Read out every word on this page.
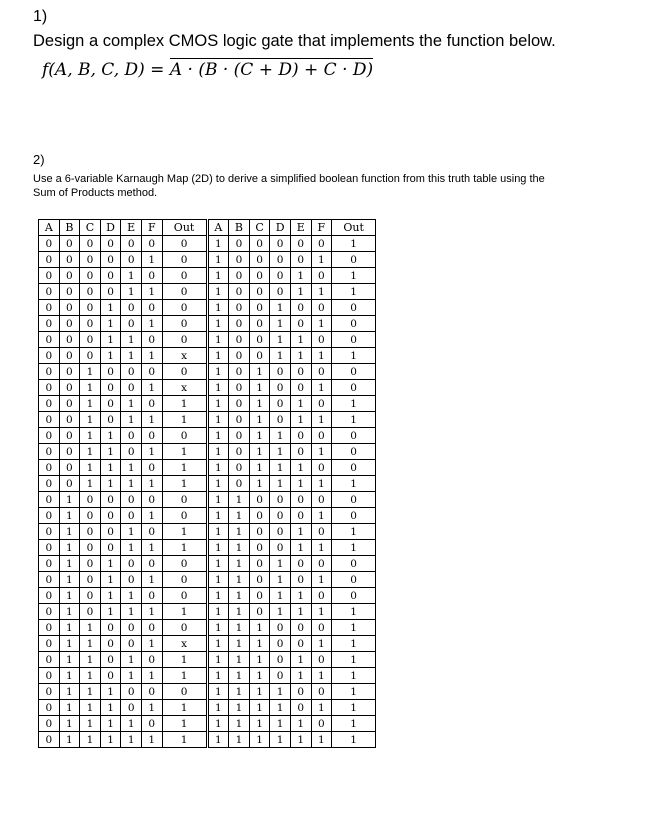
1)
Design a complex CMOS logic gate that implements the function below.
f(A, B, C, D) = A · (B · (C + D) + C · D)
2)
Use a 6-variable Karnaugh Map (2D) to derive a simplified boolean function from this truth table using the Sum of Products method.
A	B	C	D	E	F	Out	A	B	C	D	E	F	Out
0	0	0	0	0	0	0	1	0	0	0	0	0	1
0	0	0	0	0	1	0	1	0	0	0	0	1	0
0	0	0	0	1	0	0	1	0	0	0	1	0	1
0	0	0	0	1	1	0	1	0	0	0	1	1	1
0	0	0	1	0	0	0	1	0	0	1	0	0	0
0	0	0	1	0	1	0	1	0	0	1	0	1	0
0	0	0	1	1	0	0	1	0	0	1	1	0	0
0	0	0	1	1	1	x	1	0	0	1	1	1	1
0	0	1	0	0	0	0	1	0	1	0	0	0	0
0	0	1	0	0	1	x	1	0	1	0	0	1	0
0	0	1	0	1	0	1	1	0	1	0	1	0	1
0	0	1	0	1	1	1	1	0	1	0	1	1	1
0	0	1	1	0	0	0	1	0	1	1	0	0	0
0	0	1	1	0	1	1	1	0	1	1	0	1	0
0	0	1	1	1	0	1	1	0	1	1	1	0	0
0	0	1	1	1	1	1	1	0	1	1	1	1	1
0	1	0	0	0	0	0	1	1	0	0	0	0	0
0	1	0	0	0	1	0	1	1	0	0	0	1	0
0	1	0	0	1	0	1	1	1	0	0	1	0	1
0	1	0	0	1	1	1	1	1	0	0	1	1	1
0	1	0	1	0	0	0	1	1	0	1	0	0	0
0	1	0	1	0	1	0	1	1	0	1	0	1	0
0	1	0	1	1	0	0	1	1	0	1	1	0	0
0	1	0	1	1	1	1	1	1	0	1	1	1	1
0	1	1	0	0	0	0	1	1	1	0	0	0	1
0	1	1	0	0	1	x	1	1	1	0	0	1	1
0	1	1	0	1	0	1	1	1	1	0	1	0	1
0	1	1	0	1	1	1	1	1	1	0	1	1	1
0	1	1	1	0	0	0	1	1	1	1	0	0	1
0	1	1	1	0	1	1	1	1	1	1	0	1	1
0	1	1	1	1	0	1	1	1	1	1	1	0	1
0	1	1	1	1	1	1	1	1	1	1	1	1	1
